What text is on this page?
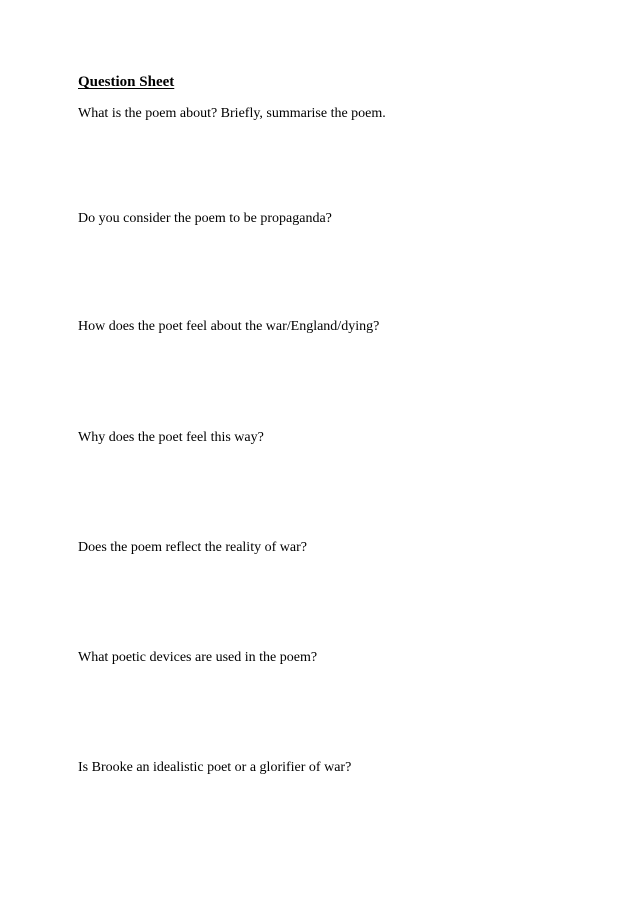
Question Sheet
What is the poem about? Briefly, summarise the poem.
Do you consider the poem to be propaganda?
How does the poet feel about the war/England/dying?
Why does the poet feel this way?
Does the poem reflect the reality of war?
What poetic devices are used in the poem?
Is Brooke an idealistic poet or a glorifier of war?
